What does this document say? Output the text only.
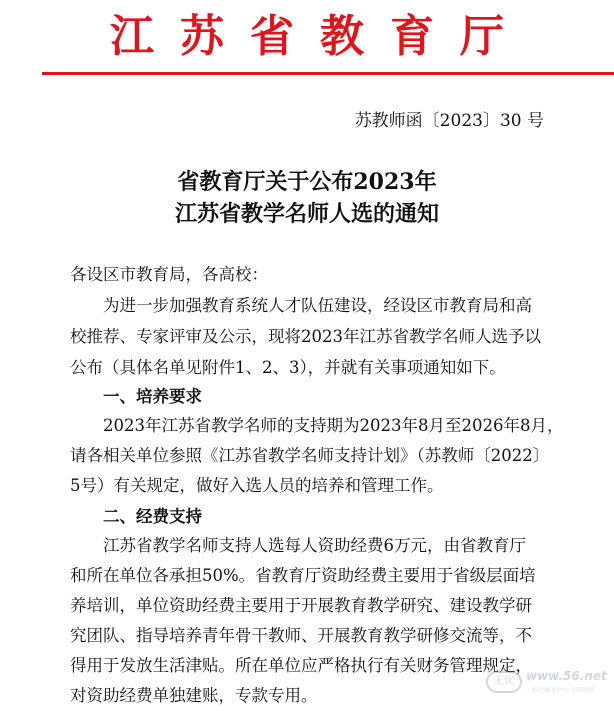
江苏省教育厅
苏教师函〔2023〕30 号
省教育厅关于公布2023年
江苏省教学名师人选的通知
各设区市教育局，各高校：
为进一步加强教育系统人才队伍建设，经设区市教育局和高
校推荐、专家评审及公示，现将2023年江苏省教学名师人选予以
公布（具体名单见附件1、2、3），并就有关事项通知如下。
一、培养要求
2023年江苏省教学名师的支持期为2023年8月至2026年8月，
请各相关单位参照《江苏省教学名师支持计划》（苏教师〔2022〕
5号）有关规定，做好入选人员的培养和管理工作。
二、经费支持
江苏省教学名师支持人选每人资助经费6万元，由省教育厅
和所在单位各承担50%。省教育厅资助经费主要用于省级层面培
养培训，单位资助经费主要用于开展教育教学研究、建设教学研
究团队、指导培养青年骨干教师、开展教育教学研修交流等，不
得用于发放生活津贴。所在单位应严格执行有关财务管理规定，
对资助经费单独建账，专款专用。
无忧	www.56.net
一站式服务平台·全国范围
